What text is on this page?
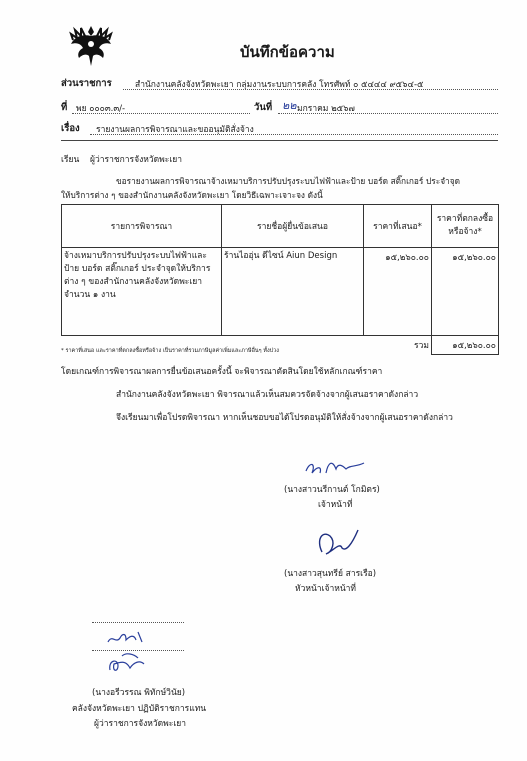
บันทึกข้อความ
ส่วนราชการ	สำนักงานคลังจังหวัดพะเยา กลุ่มงานระบบการคลัง โทรศัพท์ ๐ ๕๔๔๔ ๙๕๖๔-๕
ที่ พย ๐๐๐๓.๓/-	วันที่ ๒๒ มกราคม ๒๕๖๗
เรื่อง รายงานผลการพิจารณาและขออนุมัติสั่งจ้าง
เรียน ผู้ว่าราชการจังหวัดพะเยา
ขอรายงานผลการพิจารณาจ้างเหมาบริการปรับปรุงระบบไฟฟ้าและป้าย บอร์ด สติ๊กเกอร์ ประจำจุด
ให้บริการต่าง ๆ ของสำนักงานคลังจังหวัดพะเยา โดยวิธีเฉพาะเจาะจง ดังนี้
รายการพิจารณา	รายชื่อผู้ยื่นข้อเสนอ	ราคาที่เสนอ*	ราคาที่ตกลงซื้อหรือจ้าง*
จ้างเหมาบริการปรับปรุงระบบไฟฟ้าและป้าย บอร์ด สติ๊กเกอร์ ประจำจุดให้บริการต่าง ๆ ของสำนักงานคลังจังหวัดพะเยา จำนวน ๑ งาน	ร้านไออุ่น ดีไซน์ Aiun Design	๑๕,๒๖๐.๐๐	๑๕,๒๖๐.๐๐
รวม			๑๕,๒๖๐.๐๐
* ราคาที่เสนอ และราคาที่ตกลงซื้อหรือจ้าง เป็นราคาที่รวมภาษีมูลค่าเพิ่มและภาษีอื่นๆ ทั้งปวง
โดยเกณฑ์การพิจารณาผลการยื่นข้อเสนอครั้งนี้ จะพิจารณาตัดสินโดยใช้หลักเกณฑ์ราคา
สำนักงานคลังจังหวัดพะเยา พิจารณาแล้วเห็นสมควรจัดจ้างจากผู้เสนอราคาดังกล่าว
จึงเรียนมาเพื่อโปรดพิจารณา หากเห็นชอบขอได้โปรดอนุมัติให้สั่งจ้างจากผู้เสนอราคาดังกล่าว
(นางสาวนรีกานต์ โกมิตร)
เจ้าหน้าที่
(นางสาวสุนทรีย์ สารเรือ)
หัวหน้าเจ้าหน้าที่
(นางอรีวรรณ พิทักษ์วินัย)
คลังจังหวัดพะเยา ปฏิบัติราชการแทน
ผู้ว่าราชการจังหวัดพะเยา
